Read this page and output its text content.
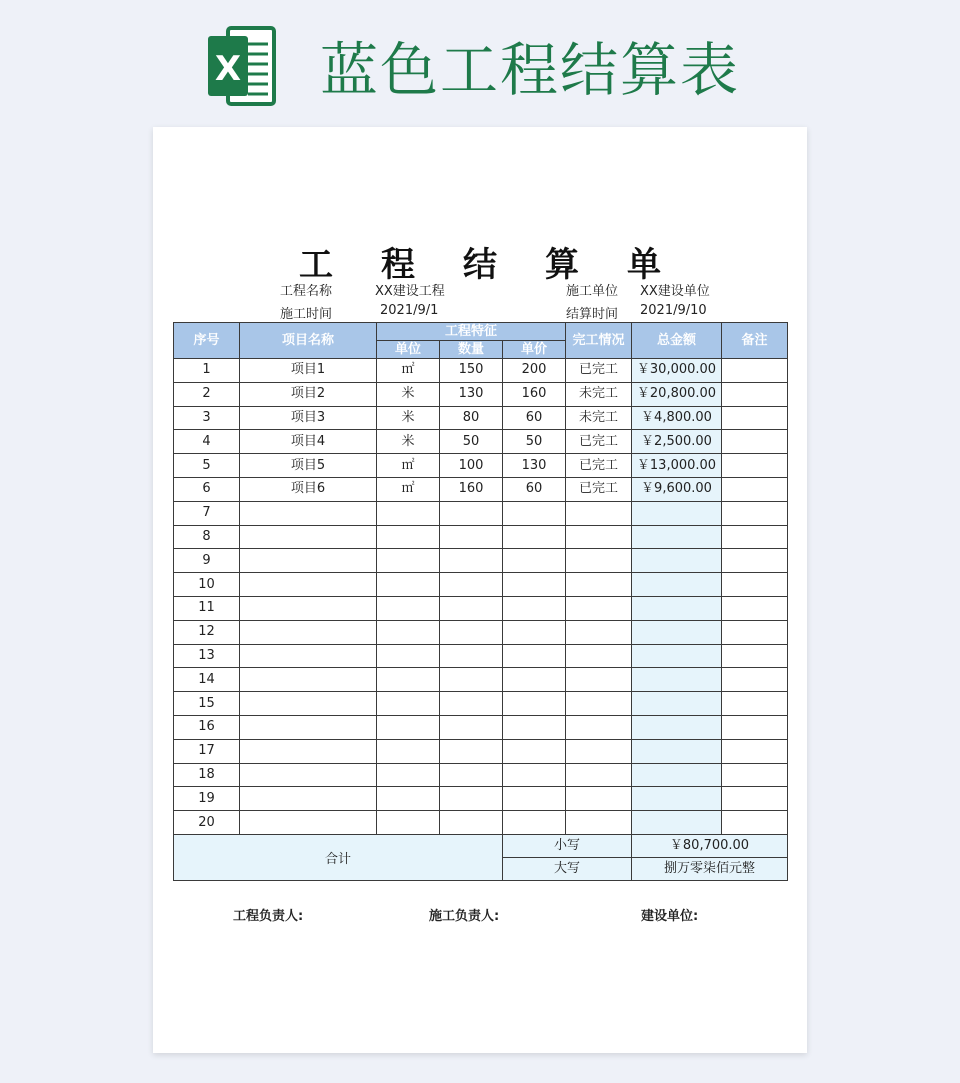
X 蓝色工程结算表
工程结算单
工程名称	XX建设工程
施工时间	2021/9/1
施工单位 XX建设单位
结算时间 2021/9/10
序号	项目名称	工程特征			完工情况	总金额	备注
		单位	数量	单价			
1	项目1	㎡	150	200	已完工	￥30,000.00	
2	项目2	米	130	160	未完工	￥20,800.00	
3	项目3	米	80	60	未完工	￥4,800.00	
4	项目4	米	50	50	已完工	￥2,500.00	
5	项目5	㎡	100	130	已完工	￥13,000.00	
6	项目6	㎡	160	60	已完工	￥9,600.00	
7							
8							
9							
10							
11							
12							
13							
14							
15							
16							
17							
18							
19							
20							
合计				小写		￥80,700.00	
				大写		捌万零柒佰元整	
工程负责人:	施工负责人:	建设单位:
